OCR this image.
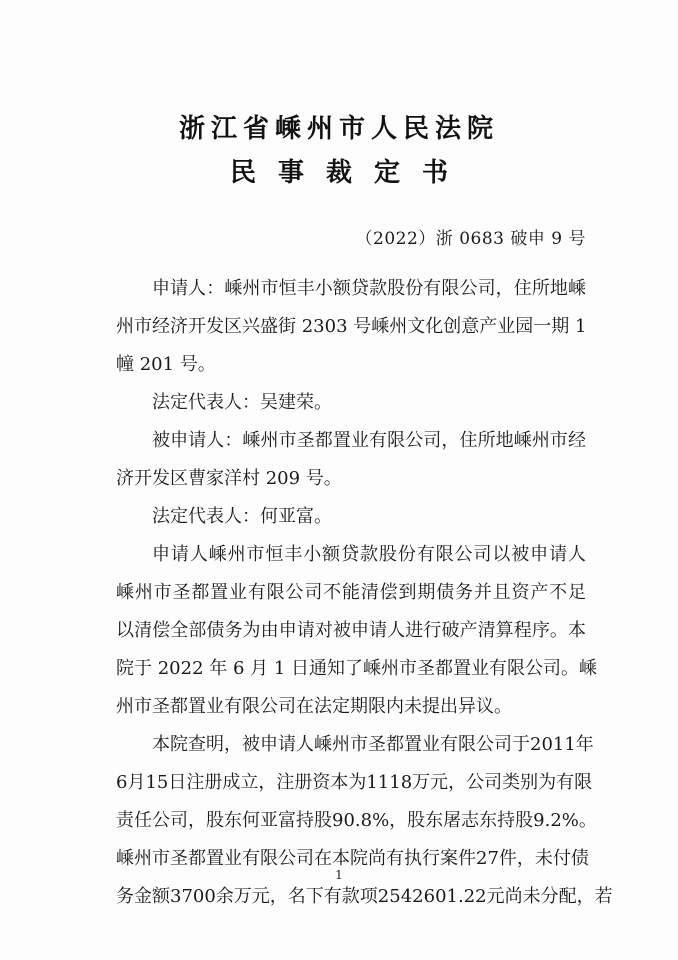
浙江省嵊州市人民法院
民事裁定书
（2022）浙 0683 破申 9 号
申请人：嵊州市恒丰小额贷款股份有限公司，住所地嵊
州市经济开发区兴盛街 2303 号嵊州文化创意产业园一期 1
幢 201 号。
法定代表人：吴建荣。
被申请人：嵊州市圣都置业有限公司，住所地嵊州市经
济开发区曹家洋村 209 号。
法定代表人：何亚富。
申请人嵊州市恒丰小额贷款股份有限公司以被申请人
嵊州市圣都置业有限公司不能清偿到期债务并且资产不足
以清偿全部债务为由申请对被申请人进行破产清算程序。本
院于 2022 年 6 月 1 日通知了嵊州市圣都置业有限公司。嵊
州市圣都置业有限公司在法定期限内未提出异议。
本院查明，被申请人嵊州市圣都置业有限公司于2011年
6月15日注册成立，注册资本为1118万元，公司类别为有限
责任公司，股东何亚富持股90.8%，股东屠志东持股9.2%。
嵊州市圣都置业有限公司在本院尚有执行案件27件，未付债
务金额3700余万元，名下有款项2542601.22元尚未分配，若
1
